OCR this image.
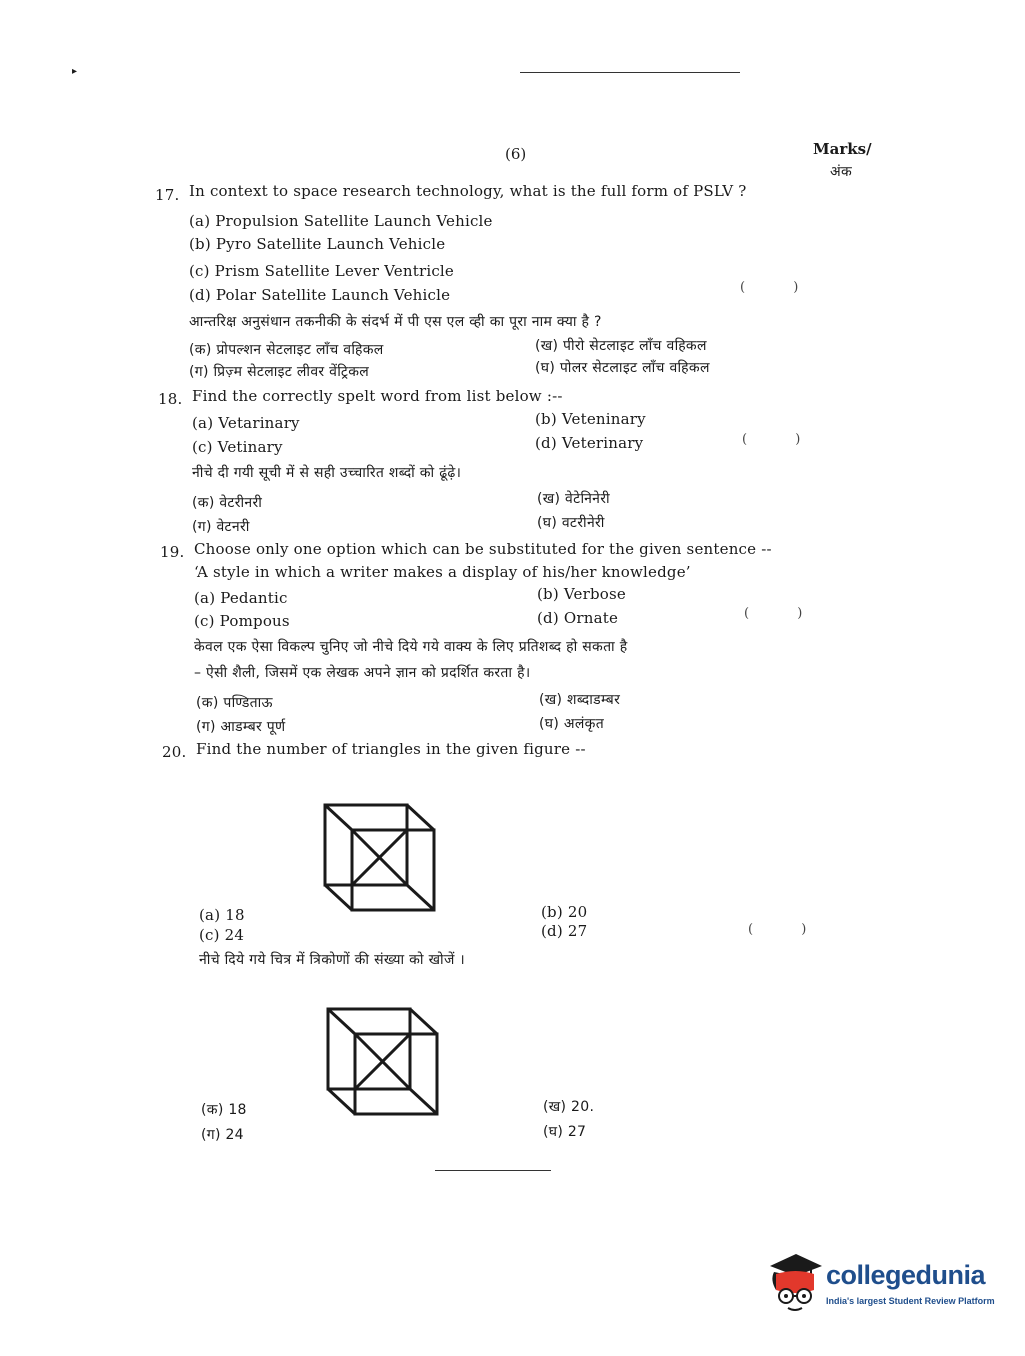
▸
(6)	Marks/
अंक
17. In context to space research technology, what is the full form of PSLV ?
(a) Propulsion Satellite Launch Vehicle
(b) Pyro Satellite Launch Vehicle
(c) Prism Satellite Lever Ventricle
(d) Polar Satellite Launch Vehicle	( )
आन्तरिक्ष अनुसंधान तकनीकी के संदर्भ में पी एस एल व्ही का पूरा नाम क्या है ?
(क) प्रोपल्शन सेटलाइट लॉंच वहिकल	(ख) पीरो सेटलाइट लॉंच वहिकल
(ग) प्रिज़्म सेटलाइट लीवर वेंट्रिकल	(घ) पोलर सेटलाइट लॉंच वहिकल
18. Find the correctly spelt word from list below :--
(a) Vetarinary	(b) Veteninary
(c) Vetinary	(d) Veterinary	( )
नीचे दी गयी सूची में से सही उच्चारित शब्दों को ढूंढ़े।
(क) वेटरीनरी	(ख) वेटेनिनेरी
(ग) वेटनरी	(घ) वटरीनेरी
19. Choose only one option which can be substituted for the given sentence --
‘A style in which a writer makes a display of his/her knowledge’
(a) Pedantic	(b) Verbose
(c) Pompous	(d) Ornate	( )
केवल एक ऐसा विकल्प चुनिए जो नीचे दिये गये वाक्य के लिए प्रतिशब्द हो सकता है
– ऐसी शैली, जिसमें एक लेखक अपने ज्ञान को प्रदर्शित करता है।
(क) पण्डिताऊ	(ख) शब्दाडम्बर
(ग) आडम्बर पूर्ण	(घ) अलंकृत
20. Find the number of triangles in the given figure --
(a) 18	(b) 20
(c) 24	(d) 27	( )
नीचे दिये गये चित्र में त्रिकोणों की संख्या को खोजें ।
(क) 18	(ख) 20.
(ग) 24	(घ) 27
collegedunia
India's largest Student Review Platform
